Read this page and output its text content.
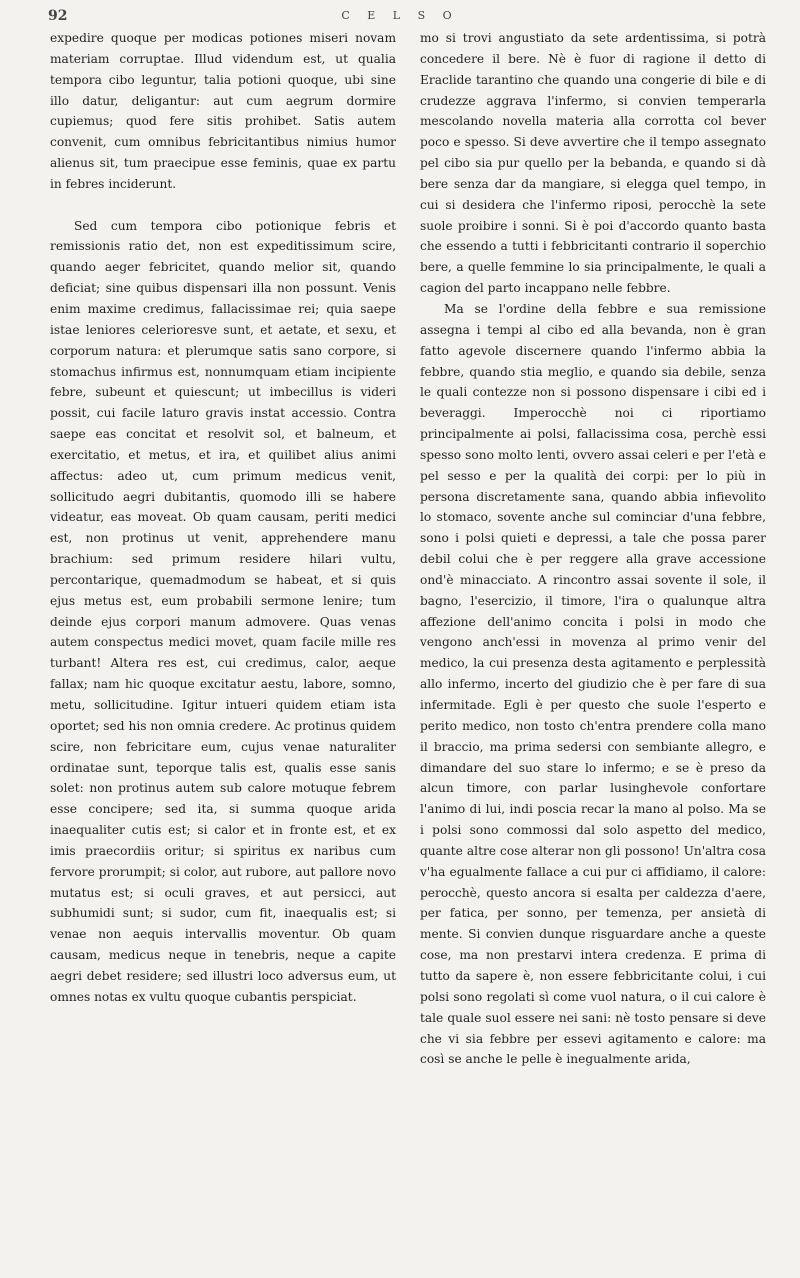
92	C E L S O

expedire quoque per modicas potiones miseri novam materiam corruptae. Illud videndum est, ut qualia tempora cibo leguntur, talia potioni quoque, ubi sine illo datur, deligantur: aut cum aegrum dormire cupiemus; quod fere sitis prohibet. Satis autem convenit, cum omnibus febricitantibus nimius humor alienus sit, tum praecipue esse feminis, quae ex partu in febres inciderunt.

Sed cum tempora cibo potionique febris et remissionis ratio det, non est expeditissimum scire, quando aeger febricitet, quando melior sit, quando deficiat; sine quibus dispensari illa non possunt. Venis enim maxime credimus, fallacissimae rei; quia saepe istae leniores celerioresve sunt, et aetate, et sexu, et corporum natura: et plerumque satis sano corpore, si stomachus infirmus est, nonnumquam etiam incipiente febre, subeunt et quiescunt; ut imbecillus is videri possit, cui facile laturo gravis instat accessio. Contra saepe eas concitat et resolvit sol, et balneum, et exercitatio, et metus, et ira, et quilibet alius animi affectus: adeo ut, cum primum medicus venit, sollicitudo aegri dubitantis, quomodo illi se habere videatur, eas moveat. Ob quam causam, periti medici est, non protinus ut venit, apprehendere manu brachium: sed primum residere hilari vultu, percontarique, quemadmodum se habeat, et si quis ejus metus est, eum probabili sermone lenire; tum deinde ejus corpori manum admovere. Quas venas autem conspectus medici movet, quam facile mille res turbant! Altera res est, cui credimus, calor, aeque fallax; nam hic quoque excitatur aestu, labore, somno, metu, sollicitudine. Igitur intueri quidem etiam ista oportet; sed his non omnia credere. Ac protinus quidem scire, non febricitare eum, cujus venae naturaliter ordinatae sunt, teporque talis est, qualis esse sanis solet: non protinus autem sub calore motuque febrem esse concipere; sed ita, si summa quoque arida inaequaliter cutis est; si calor et in fronte est, et ex imis praecordiis oritur; si spiritus ex naribus cum fervore prorumpit; si color, aut rubore, aut pallore novo mutatus est; si oculi graves, et aut persicci, aut subhumidi sunt; si sudor, cum fit, inaequalis est; si venae non aequis intervallis moventur. Ob quam causam, medicus neque in tenebris, neque a capite aegri debet residere; sed illustri loco adversus eum, ut omnes notas ex vultu quoque cubantis perspiciat.

mo si trovi angustiato da sete ardentissima, si potrà concedere il bere. Nè è fuor di ragione il detto di Eraclide tarantino che quando una congerie di bile e di crudezze aggrava l'infermo, si convien temperarla mescolando novella materia alla corrotta col bever poco e spesso. Si deve avvertire che il tempo assegnato pel cibo sia pur quello per la bebanda, e quando si dà bere senza dar da mangiare, si elegga quel tempo, in cui si desidera che l'infermo riposi, perocchè la sete suole proibire i sonni. Si è poi d'accordo quanto basta che essendo a tutti i febbricitanti contrario il soperchio bere, a quelle femmine lo sia principalmente, le quali a cagion del parto incappano nelle febbre.

Ma se l'ordine della febbre e sua remissione assegna i tempi al cibo ed alla bevanda, non è gran fatto agevole discernere quando l'infermo abbia la febbre, quando stia meglio, e quando sia debile, senza le quali contezze non si possono dispensare i cibi ed i beveraggi. Imperocchè noi ci riportiamo principalmente ai polsi, fallacissima cosa, perchè essi spesso sono molto lenti, ovvero assai celeri e per l'età e pel sesso e per la qualità dei corpi: per lo più in persona discretamente sana, quando abbia infievolito lo stomaco, sovente anche sul cominciar d'una febbre, sono i polsi quieti e depressi, a tale che possa parer debil colui che è per reggere alla grave accessione ond'è minacciato. A rincontro assai sovente il sole, il bagno, l'esercizio, il timore, l'ira o qualunque altra affezione dell'animo concita i polsi in modo che vengono anch'essi in movenza al primo venir del medico, la cui presenza desta agitamento e perplessità allo infermo, incerto del giudizio che è per fare di sua infermitade. Egli è per questo che suole l'esperto e perito medico, non tosto ch'entra prendere colla mano il braccio, ma prima sedersi con sembiante allegro, e dimandare del suo stare lo infermo; e se è preso da alcun timore, con parlar lusinghevole confortare l'animo di lui, indi poscia recar la mano al polso. Ma se i polsi sono commossi dal solo aspetto del medico, quante altre cose alterar non gli possono! Un'altra cosa v'ha egualmente fallace a cui pur ci affidiamo, il calore: perocchè, questo ancora si esalta per caldezza d'aere, per fatica, per sonno, per temenza, per ansietà di mente. Si convien dunque risguardare anche a queste cose, ma non prestarvi intera credenza. E prima di tutto da sapere è, non essere febbricitante colui, i cui polsi sono regolati sì come vuol natura, o il cui calore è tale quale suol essere nei sani: nè tosto pensare si deve che vi sia febbre per essevi agitamento e calore: ma così se anche le pelle è inegualmente arida,
